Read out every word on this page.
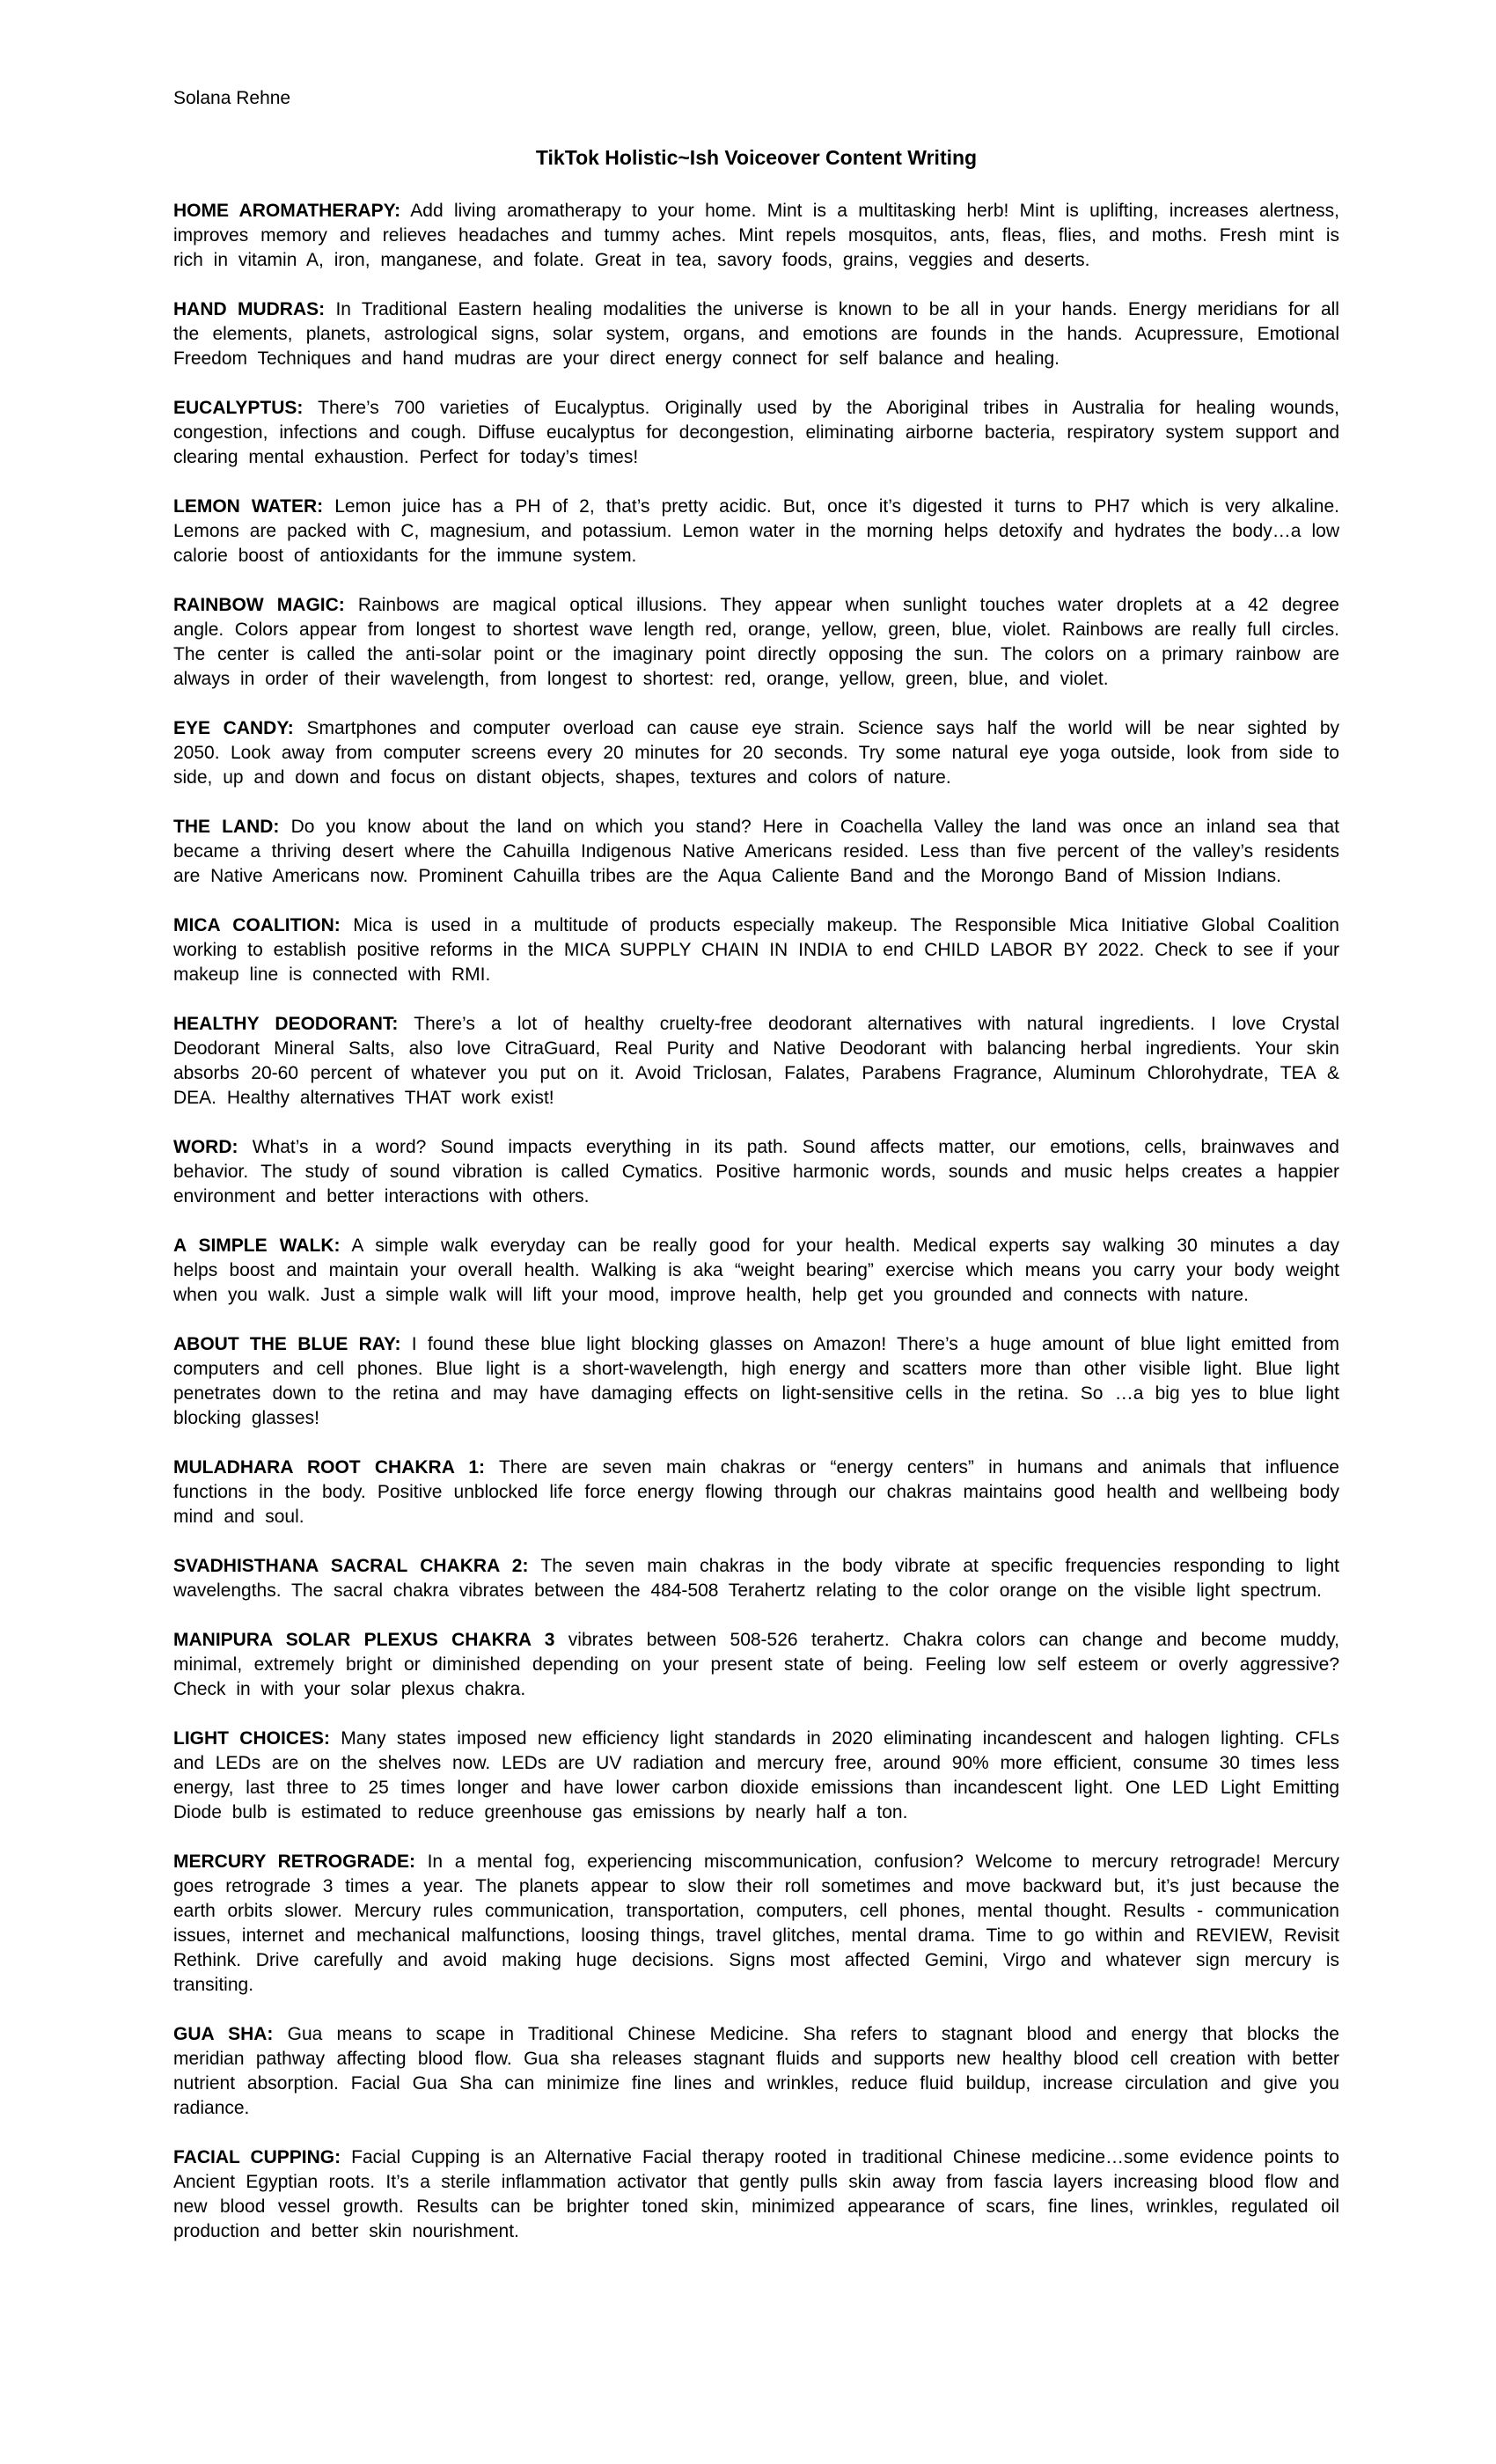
Solana Rehne

TikTok Holistic~Ish Voiceover Content Writing

HOME AROMATHERAPY: Add living aromatherapy to your home. Mint is a multitasking herb! Mint is uplifting, increases alertness, improves memory and relieves headaches and tummy aches. Mint repels mosquitos, ants, fleas, flies, and moths. Fresh mint is rich in vitamin A, iron, manganese, and folate. Great in tea, savory foods, grains, veggies and deserts.

HAND MUDRAS: In Traditional Eastern healing modalities the universe is known to be all in your hands. Energy meridians for all the elements, planets, astrological signs, solar system, organs, and emotions are founds in the hands. Acupressure, Emotional Freedom Techniques and hand mudras are your direct energy connect for self balance and healing.

EUCALYPTUS: There’s 700 varieties of Eucalyptus. Originally used by the Aboriginal tribes in Australia for healing wounds, congestion, infections and cough. Diffuse eucalyptus for decongestion, eliminating airborne bacteria, respiratory system support and clearing mental exhaustion. Perfect for today’s times!

LEMON WATER: Lemon juice has a PH of 2, that’s pretty acidic. But, once it’s digested it turns to PH7 which is very alkaline. Lemons are packed with C, magnesium, and potassium. Lemon water in the morning helps detoxify and hydrates the body…a low calorie boost of antioxidants for the immune system.

RAINBOW MAGIC: Rainbows are magical optical illusions. They appear when sunlight touches water droplets at a 42 degree angle. Colors appear from longest to shortest wave length red, orange, yellow, green, blue, violet. Rainbows are really full circles. The center is called the anti-solar point or the imaginary point directly opposing the sun. The colors on a primary rainbow are always in order of their wavelength, from longest to shortest: red, orange, yellow, green, blue, and violet.

EYE CANDY: Smartphones and computer overload can cause eye strain. Science says half the world will be near sighted by 2050. Look away from computer screens every 20 minutes for 20 seconds. Try some natural eye yoga outside, look from side to side, up and down and focus on distant objects, shapes, textures and colors of nature.

THE LAND: Do you know about the land on which you stand? Here in Coachella Valley the land was once an inland sea that became a thriving desert where the Cahuilla Indigenous Native Americans resided. Less than five percent of the valley’s residents are Native Americans now. Prominent Cahuilla tribes are the Aqua Caliente Band and the Morongo Band of Mission Indians.

MICA COALITION: Mica is used in a multitude of products especially makeup. The Responsible Mica Initiative Global Coalition working to establish positive reforms in the MICA SUPPLY CHAIN IN INDIA to end CHILD LABOR BY 2022. Check to see if your makeup line is connected with RMI.

HEALTHY DEODORANT: There’s a lot of healthy cruelty-free deodorant alternatives with natural ingredients. I love Crystal Deodorant Mineral Salts, also love CitraGuard, Real Purity and Native Deodorant with balancing herbal ingredients. Your skin absorbs 20-60 percent of whatever you put on it. Avoid Triclosan, Falates, Parabens Fragrance, Aluminum Chlorohydrate, TEA & DEA. Healthy alternatives THAT work exist!

WORD: What’s in a word? Sound impacts everything in its path. Sound affects matter, our emotions, cells, brainwaves and behavior. The study of sound vibration is called Cymatics. Positive harmonic words, sounds and music helps creates a happier environment and better interactions with others.

A SIMPLE WALK: A simple walk everyday can be really good for your health. Medical experts say walking 30 minutes a day helps boost and maintain your overall health. Walking is aka “weight bearing” exercise which means you carry your body weight when you walk. Just a simple walk will lift your mood, improve health, help get you grounded and connects with nature.

ABOUT THE BLUE RAY: I found these blue light blocking glasses on Amazon! There’s a huge amount of blue light emitted from computers and cell phones. Blue light is a short-wavelength, high energy and scatters more than other visible light. Blue light penetrates down to the retina and may have damaging effects on light-sensitive cells in the retina. So …a big yes to blue light blocking glasses!

MULADHARA ROOT CHAKRA 1: There are seven main chakras or “energy centers” in humans and animals that influence functions in the body. Positive unblocked life force energy flowing through our chakras maintains good health and wellbeing body mind and soul.

SVADHISTHANA SACRAL CHAKRA 2: The seven main chakras in the body vibrate at specific frequencies responding to light wavelengths. The sacral chakra vibrates between the 484-508 Terahertz relating to the color orange on the visible light spectrum.

MANIPURA SOLAR PLEXUS CHAKRA 3 vibrates between 508-526 terahertz. Chakra colors can change and become muddy, minimal, extremely bright or diminished depending on your present state of being. Feeling low self esteem or overly aggressive? Check in with your solar plexus chakra.

LIGHT CHOICES: Many states imposed new efficiency light standards in 2020 eliminating incandescent and halogen lighting. CFLs and LEDs are on the shelves now. LEDs are UV radiation and mercury free, around 90% more efficient, consume 30 times less energy, last three to 25 times longer and have lower carbon dioxide emissions than incandescent light. One LED Light Emitting Diode bulb is estimated to reduce greenhouse gas emissions by nearly half a ton.

MERCURY RETROGRADE: In a mental fog, experiencing miscommunication, confusion? Welcome to mercury retrograde! Mercury goes retrograde 3 times a year. The planets appear to slow their roll sometimes and move backward but, it’s just because the earth orbits slower. Mercury rules communication, transportation, computers, cell phones, mental thought. Results - communication issues, internet and mechanical malfunctions, loosing things, travel glitches, mental drama. Time to go within and REVIEW, Revisit Rethink. Drive carefully and avoid making huge decisions. Signs most affected Gemini, Virgo and whatever sign mercury is transiting.

GUA SHA: Gua means to scape in Traditional Chinese Medicine. Sha refers to stagnant blood and energy that blocks the meridian pathway affecting blood flow. Gua sha releases stagnant fluids and supports new healthy blood cell creation with better nutrient absorption. Facial Gua Sha can minimize fine lines and wrinkles, reduce fluid buildup, increase circulation and give you radiance.

FACIAL CUPPING: Facial Cupping is an Alternative Facial therapy rooted in traditional Chinese medicine…some evidence points to Ancient Egyptian roots. It’s a sterile inflammation activator that gently pulls skin away from fascia layers increasing blood flow and new blood vessel growth. Results can be brighter toned skin, minimized appearance of scars, fine lines, wrinkles, regulated oil production and better skin nourishment.
